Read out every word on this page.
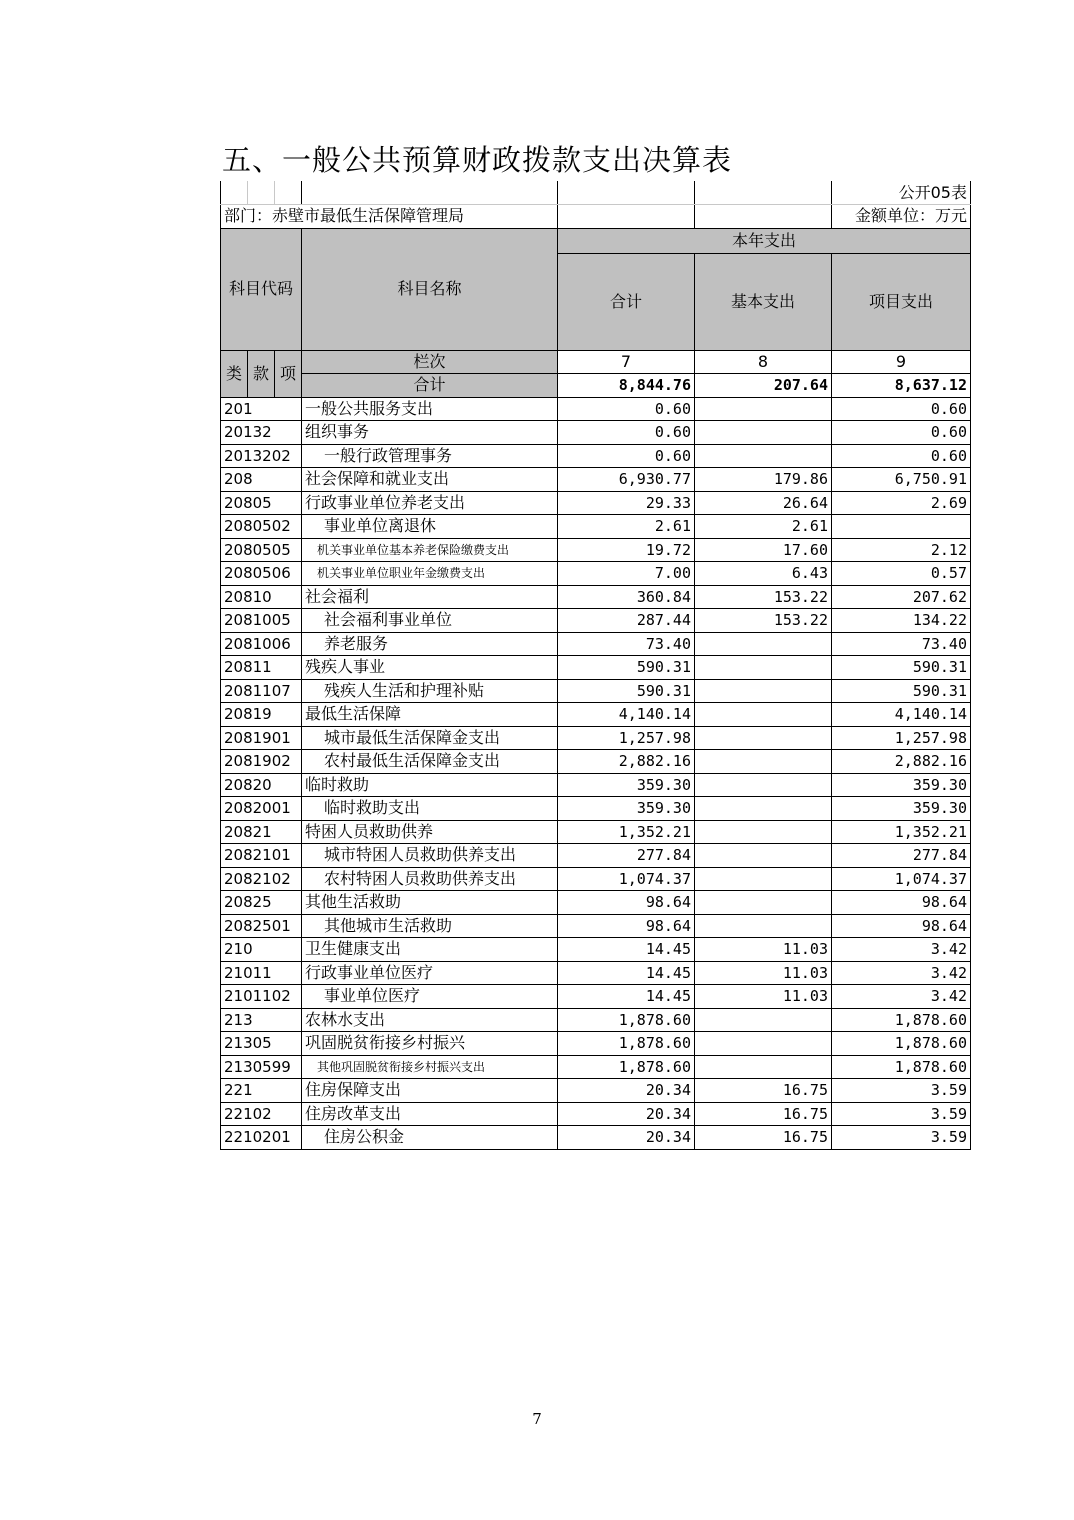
五、一般公共预算财政拨款支出决算表
						公开05表
部门：赤壁市最低生活保障管理局						金额单位：万元
科目代码			科目名称	本年支出		
				合计	基本支出	项目支出
类	款	项	栏次	7	8	9
			合计	8,844.76	207.64	8,637.12
201			一般公共服务支出	0.60		0.60
20132			组织事务	0.60		0.60
2013202			一般行政管理事务	0.60		0.60
208			社会保障和就业支出	6,930.77	179.86	6,750.91
20805			行政事业单位养老支出	29.33	26.64	2.69
2080502			事业单位离退休	2.61	2.61	
2080505			机关事业单位基本养老保险缴费支出	19.72	17.60	2.12
2080506			机关事业单位职业年金缴费支出	7.00	6.43	0.57
20810			社会福利	360.84	153.22	207.62
2081005			社会福利事业单位	287.44	153.22	134.22
2081006			养老服务	73.40		73.40
20811			残疾人事业	590.31		590.31
2081107			残疾人生活和护理补贴	590.31		590.31
20819			最低生活保障	4,140.14		4,140.14
2081901			城市最低生活保障金支出	1,257.98		1,257.98
2081902			农村最低生活保障金支出	2,882.16		2,882.16
20820			临时救助	359.30		359.30
2082001			临时救助支出	359.30		359.30
20821			特困人员救助供养	1,352.21		1,352.21
2082101			城市特困人员救助供养支出	277.84		277.84
2082102			农村特困人员救助供养支出	1,074.37		1,074.37
20825			其他生活救助	98.64		98.64
2082501			其他城市生活救助	98.64		98.64
210			卫生健康支出	14.45	11.03	3.42
21011			行政事业单位医疗	14.45	11.03	3.42
2101102			事业单位医疗	14.45	11.03	3.42
213			农林水支出	1,878.60		1,878.60
21305			巩固脱贫衔接乡村振兴	1,878.60		1,878.60
2130599			其他巩固脱贫衔接乡村振兴支出	1,878.60		1,878.60
221			住房保障支出	20.34	16.75	3.59
22102			住房改革支出	20.34	16.75	3.59
2210201			住房公积金	20.34	16.75	3.59
7
